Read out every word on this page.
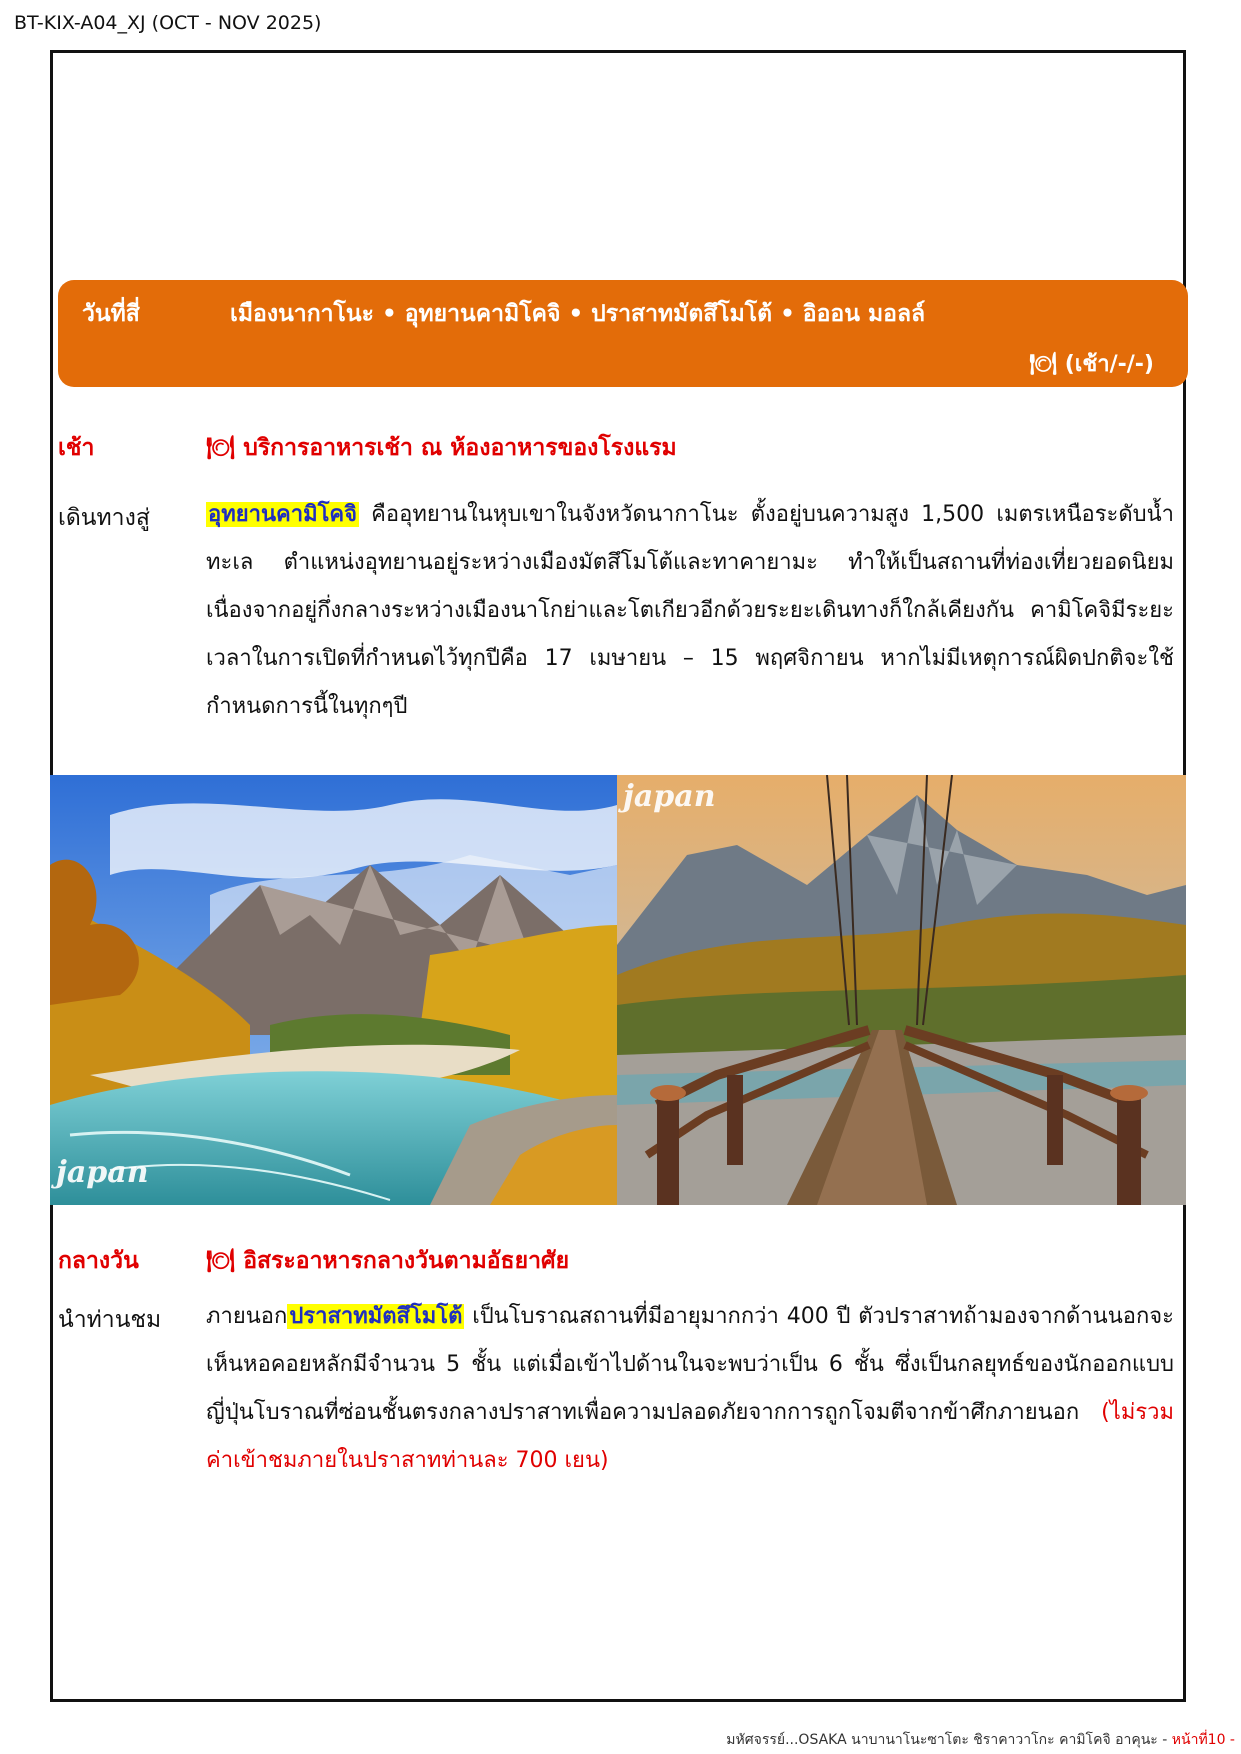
BT-KIX-A04_XJ (OCT - NOV 2025)
วันที่สี่	เมืองนากาโนะ • อุทยานคามิโคจิ • ปราสาทมัตสึโมโต้ • อิออน มอลล์
🍽 (เช้า/-/-)
เช้า	🍽 บริการอาหารเช้า ณ ห้องอาหารของโรงแรม
เดินทางสู่	อุทยานคามิโคจิ คืออุทยานในหุบเขาในจังหวัดนากาโนะ ตั้งอยู่บนความสูง 1,500 เมตรเหนือระดับน้ำทะเล ตำแหน่งอุทยานอยู่ระหว่างเมืองมัตสึโมโต้และทาคายามะ ทำให้เป็นสถานที่ท่องเที่ยวยอดนิยม เนื่องจากอยู่กึ่งกลางระหว่างเมืองนาโกย่าและโตเกียวอีกด้วยระยะเดินทางก็ใกล้เคียงกัน คามิโคจิมีระยะเวลาในการเปิดที่กำหนดไว้ทุกปีคือ 17 เมษายน – 15 พฤศจิกายน หากไม่มีเหตุการณ์ผิดปกติจะใช้กำหนดการนี้ในทุกๆปี
japan
japan
กลางวัน	🍽 อิสระอาหารกลางวันตามอัธยาศัย
นำท่านชม ภายนอกปราสาทมัตสึโมโต้ เป็นโบราณสถานที่มีอายุมากกว่า 400 ปี ตัวปราสาทถ้ามองจากด้านนอกจะเห็นหอคอยหลักมีจำนวน 5 ชั้น แต่เมื่อเข้าไปด้านในจะพบว่าเป็น 6 ชั้น ซึ่งเป็นกลยุทธ์ของนักออกแบบญี่ปุ่นโบราณที่ซ่อนชั้นตรงกลางปราสาทเพื่อความปลอดภัยจากการถูกโจมตีจากข้าศึกภายนอก (ไม่รวมค่าเข้าชมภายในปราสาทท่านละ 700 เยน)
มหัศจรรย์...OSAKA นาบานาโนะซาโตะ ชิราคาวาโกะ คามิโคจิ อาคุนะ - หน้าที่10 -
